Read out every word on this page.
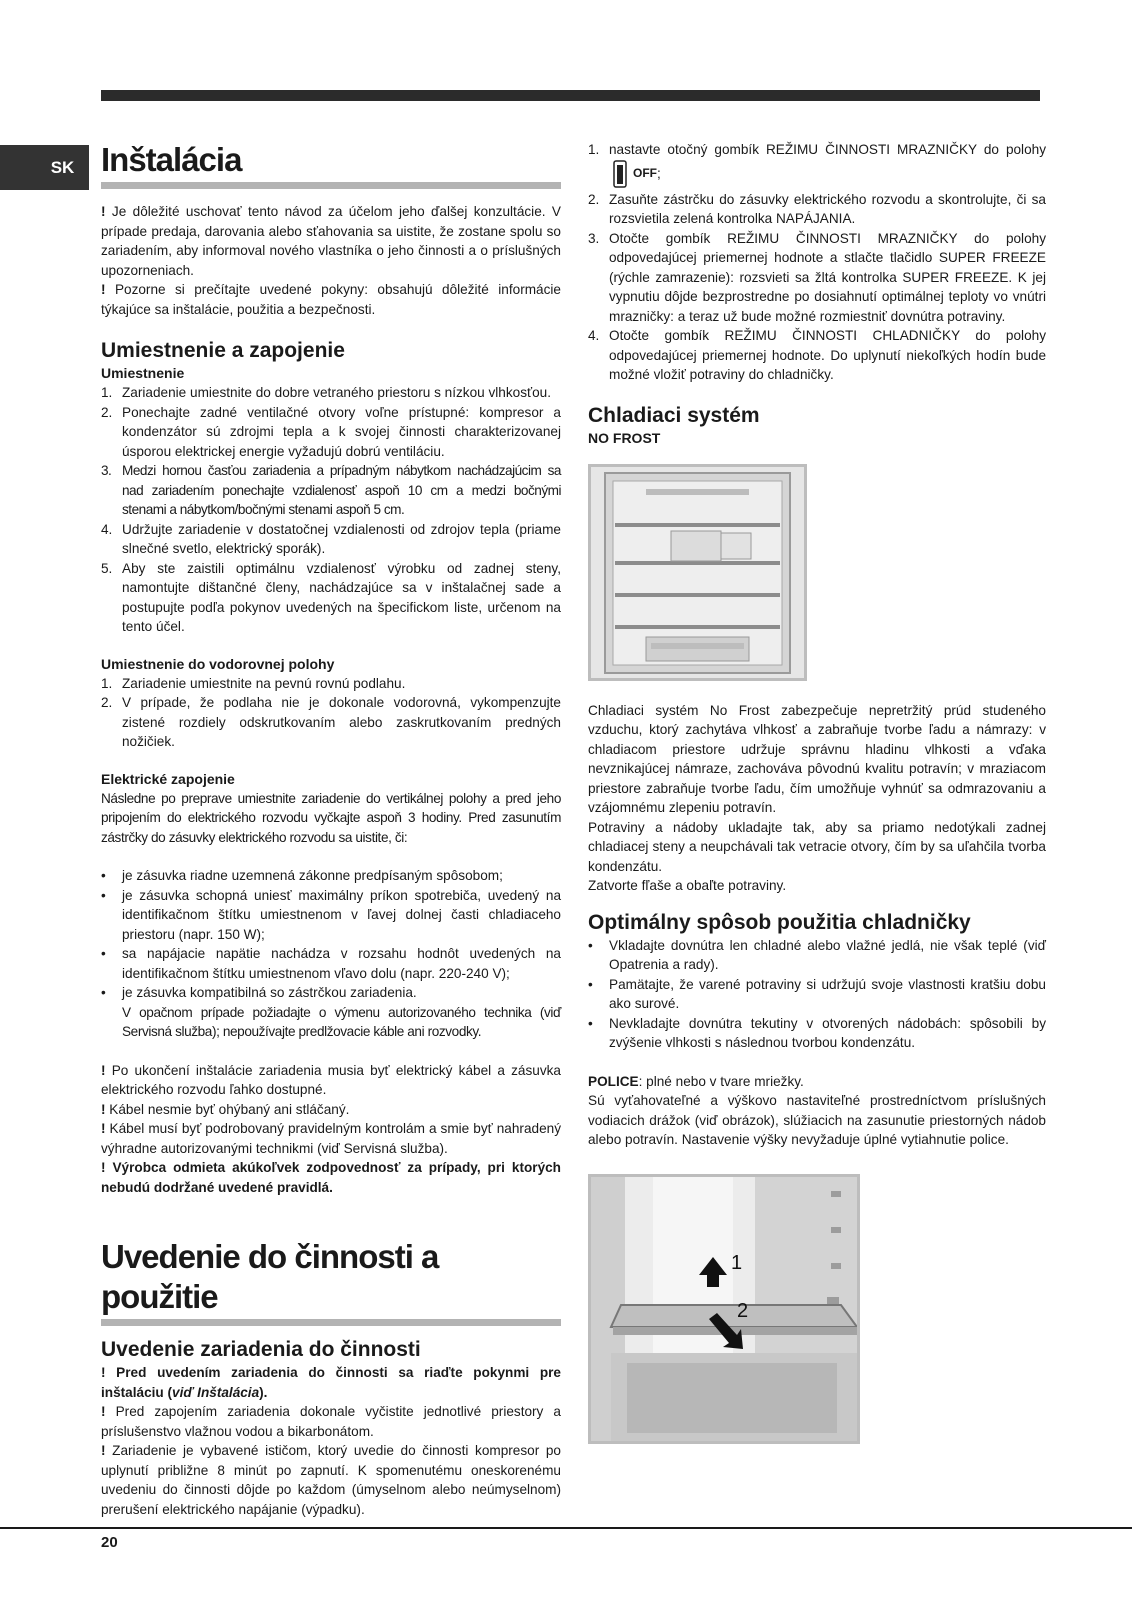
SK Inštalácia

! Je dôležité uschovať tento návod za účelom jeho ďalšej konzultácie. V prípade predaja, darovania alebo sťahovania sa uistite, že zostane spolu so zariadením, aby informoval nového vlastníka o jeho činnosti a o príslušných upozorneniach.

! Pozorne si prečítajte uvedené pokyny: obsahujú dôležité informácie týkajúce sa inštalácie, použitia a bezpečnosti.

Umiestnenie a zapojenie
Umiestnenie
1. Zariadenie umiestnite do dobre vetraného priestoru s nízkou vlhkosťou.
2. Ponechajte zadné ventilačné otvory voľne prístupné: kompresor a kondenzátor sú zdrojmi tepla a k svojej činnosti charakterizovanej úsporou elektrickej energie vyžadujú dobrú ventiláciu.
3. Medzi hornou časťou zariadenia a prípadným nábytkom nachádzajúcim sa nad zariadením ponechajte vzdialenosť aspoň 10 cm a medzi bočnými stenami a nábytkom/bočnými stenami aspoň 5 cm.
4. Udržujte zariadenie v dostatočnej vzdialenosti od zdrojov tepla (priame slnečné svetlo, elektrický sporák).
5. Aby ste zaistili optimálnu vzdialenosť výrobku od zadnej steny, namontujte dištančné členy, nachádzajúce sa v inštalačnej sade a postupujte podľa pokynov uvedených na špecifickom liste, určenom na tento účel.
Umiestnenie do vodorovnej polohy
1. Zariadenie umiestnite na pevnú rovnú podlahu.
2. V prípade, že podlaha nie je dokonale vodorovná, vykompenzujte zistené rozdiely odskrutkovaním alebo zaskrutkovaním predných nožičiek.
Elektrické zapojenie

Následne po preprave umiestnite zariadenie do vertikálnej polohy a pred jeho pripojením do elektrického rozvodu vyčkajte aspoň 3 hodiny. Pred zasunutím zástrčky do zásuvky elektrického rozvodu sa uistite, či:

• je zásuvka riadne uzemnená zákonne predpísaným spôsobom;
• je zásuvka schopná uniesť maximálny príkon spotrebiča, uvedený na identifikačnom štítku umiestnenom v ľavej dolnej časti chladiaceho priestoru (napr. 150 W);
• sa napájacie napätie nachádza v rozsahu hodnôt uvedených na identifikačnom štítku umiestnenom vľavo dolu (napr. 220-240 V);
• je zásuvka kompatibilná so zástrčkou zariadenia.

V opačnom prípade požiadajte o výmenu autorizovaného technika (viď Servisná služba); nepoužívajte predlžovacie káble ani rozvodky.

! Po ukončení inštalácie zariadenia musia byť elektrický kábel a zásuvka elektrického rozvodu ľahko dostupné.

! Kábel nesmie byť ohýbaný ani stláčaný.

! Kábel musí byť podrobovaný pravidelným kontrolám a smie byť nahradený výhradne autorizovanými technikmi (viď Servisná služba).

! Výrobca odmieta akúkoľvek zodpovednosť za prípady, pri ktorých nebudú dodržané uvedené pravidlá.

Uvedenie do činnosti a použitie
Uvedenie zariadenia do činnosti

! Pred uvedením zariadenia do činnosti sa riaďte pokynmi pre inštaláciu (viď Inštalácia).

! Pred zapojením zariadenia dokonale vyčistite jednotlivé priestory a príslušenstvo vlažnou vodou a bikarbonátom.

! Zariadenie je vybavené ističom, ktorý uvedie do činnosti kompresor po uplynutí približne 8 minút po zapnutí. K spomenutému oneskorenému uvedeniu do činnosti dôjde po každom (úmyselnom alebo neúmyselnom) prerušení elektrického napájanie (výpadku).

1. nastavte otočný gombík REŽIMU ČINNOSTI MRAZNIČKY do polohy
OFF ;
2. Zasuňte zástrčku do zásuvky elektrického rozvodu a skontrolujte, či sa rozsvietila zelená kontrolka NAPÁJANIA.
3. Otočte gombík REŽIMU ČINNOSTI MRAZNIČKY do polohy odpovedajúcej priemernej hodnote a stlačte tlačidlo SUPER FREEZE (rýchle zamrazenie): rozsvieti sa žltá kontrolka SUPER FREEZE. K jej vypnutiu dôjde bezprostredne po dosiahnutí optimálnej teploty vo vnútri mrazničky: a teraz už bude možné rozmiestniť dovnútra potraviny.
4. Otočte gombík REŽIMU ČINNOSTI CHLADNIČKY do polohy odpovedajúcej priemernej hodnote. Do uplynutí niekoľkých hodín bude možné vložiť potraviny do chladničky.
Chladiaci systém
NO FROST

Chladiaci systém No Frost zabezpečuje nepretržitý prúd studeného vzduchu, ktorý zachytáva vlhkosť a zabraňuje tvorbe ľadu a námrazy: v chladiacom priestore udržuje správnu hladinu vlhkosti a vďaka nevznikajúcej námraze, zachováva pôvodnú kvalitu potravín; v mraziacom priestore zabraňuje tvorbe ľadu, čím umožňuje vyhnúť sa odmrazovaniu a vzájomnému zlepeniu potravín.

Potraviny a nádoby ukladajte tak, aby sa priamo nedotýkali zadnej chladiacej steny a neupchávali tak vetracie otvory, čím by sa uľahčila tvorba kondenzátu.

Zatvorte fľaše a obaľte potraviny.

Optimálny spôsob použitia chladničky
• Vkladajte dovnútra len chladné alebo vlažné jedlá, nie však teplé (viď Opatrenia a rady).
• Pamätajte, že varené potraviny si udržujú svoje vlastnosti kratšiu dobu ako surové.
• Nevkladajte dovnútra tekutiny v otvorených nádobách: spôsobili by zvýšenie vlhkosti s následnou tvorbou kondenzátu.

POLICE: plné nebo v tvare mriežky.

Sú vyťahovateľné a výškovo nastaviteľné prostredníctvom príslušných vodiacich drážok (viď obrázok), slúžiacich na zasunutie priestorných nádob alebo potravín. Nastavenie výšky nevyžaduje úplné vytiahnutie police.

1
2
20
